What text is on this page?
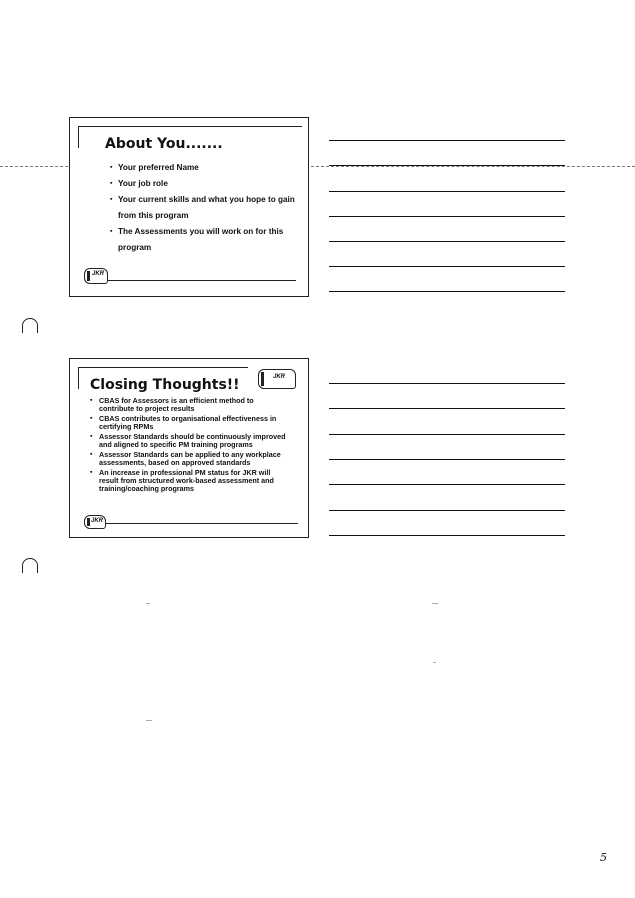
About You.......
▪ Your preferred Name
▪ Your job role
▪ Your current skills and what you hope to gain from this program
▪ The Assessments you will work on for this program
JKR
Closing Thoughts!!	JKR
▪ CBAS for Assessors is an efficient method to contribute to project results
▪ CBAS contributes to organisational effectiveness in certifying RPMs
▪ Assessor Standards should be continuously improved and aligned to specific PM training programs
▪ Assessor Standards can be applied to any workplace assessments, based on approved standards
▪ An increase in professional PM status for JKR will result from structured work-based assessment and training/coaching programs
JKR
5
